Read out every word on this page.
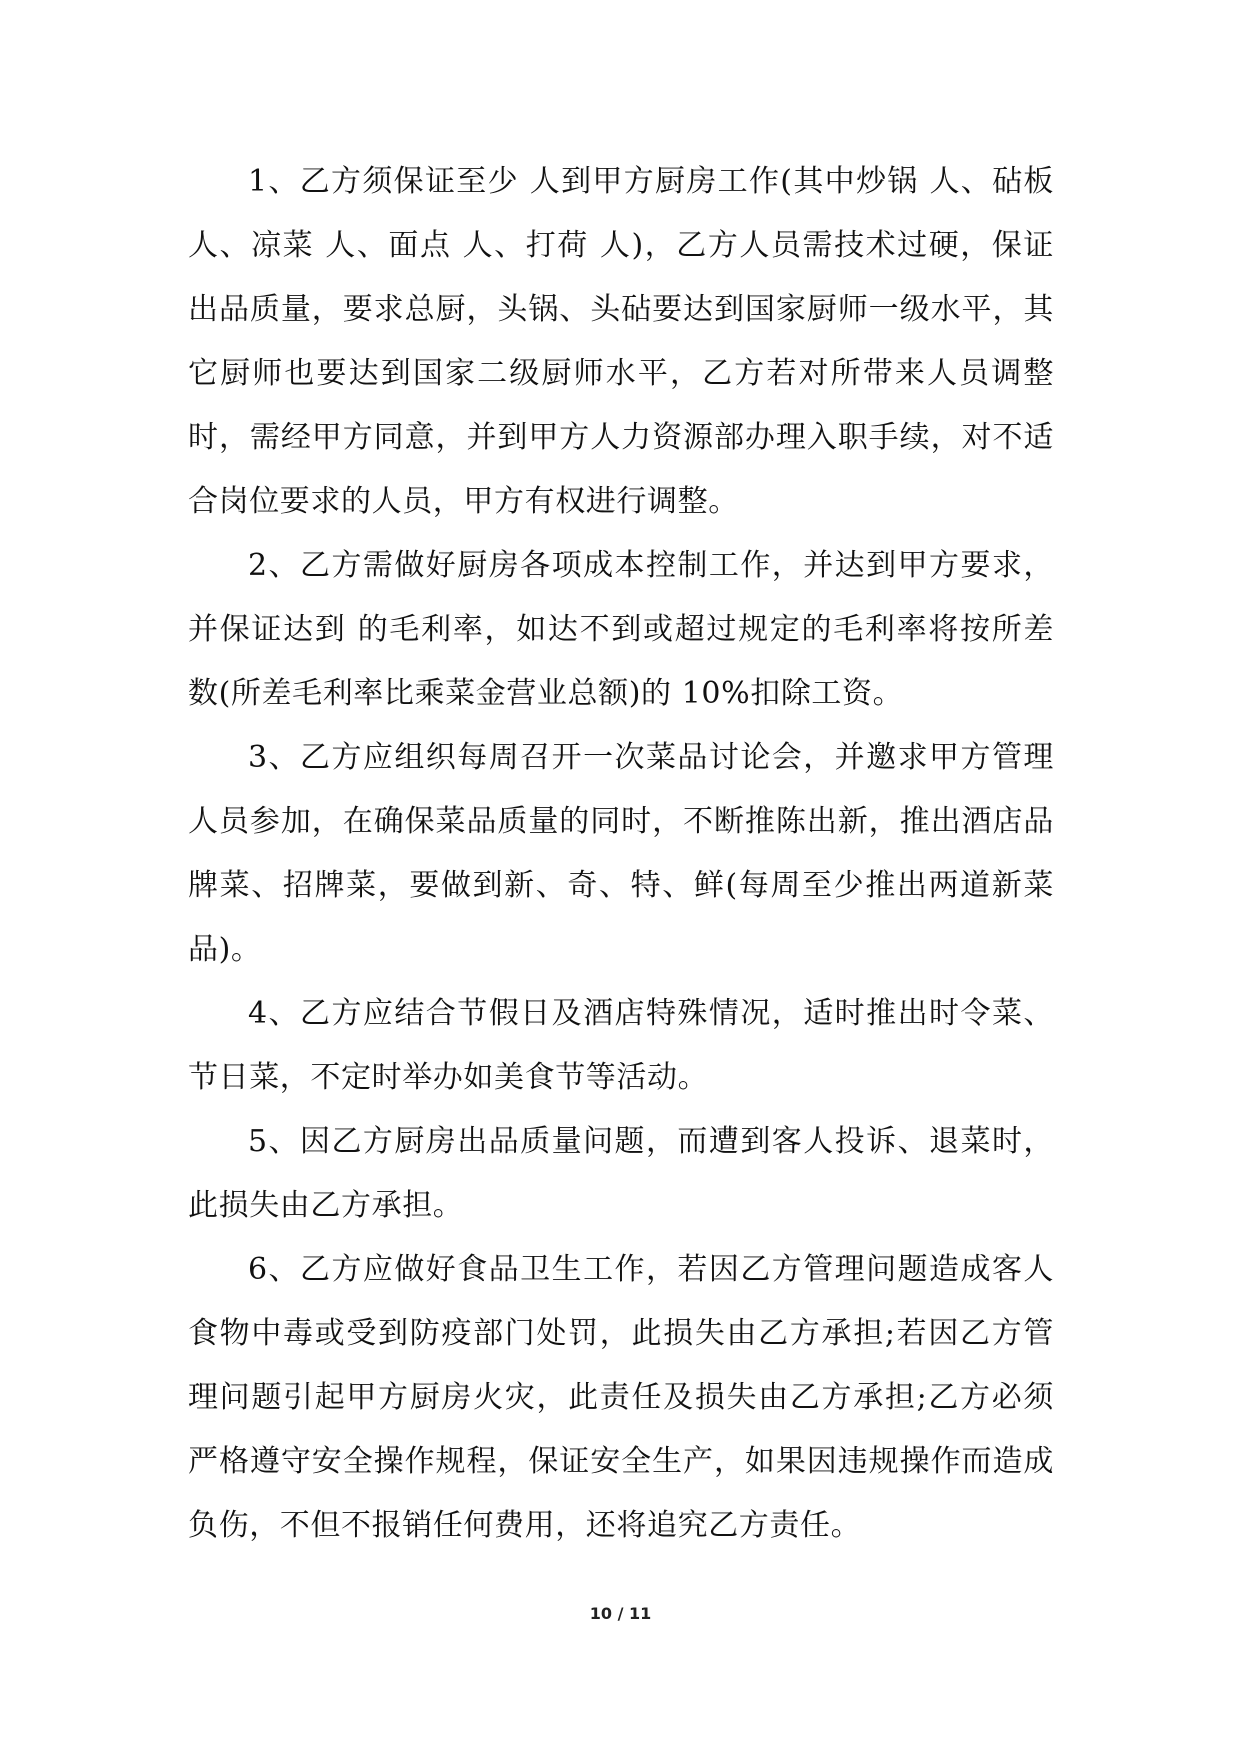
1、乙方须保证至少 人到甲方厨房工作(其中炒锅 人、砧板 人、凉菜 人、面点 人、打荷 人)，乙方人员需技术过硬，保证出品质量，要求总厨，头锅、头砧要达到国家厨师一级水平，其它厨师也要达到国家二级厨师水平，乙方若对所带来人员调整时，需经甲方同意，并到甲方人力资源部办理入职手续，对不适合岗位要求的人员，甲方有权进行调整。

2、乙方需做好厨房各项成本控制工作，并达到甲方要求，并保证达到 的毛利率，如达不到或超过规定的毛利率将按所差数(所差毛利率比乘菜金营业总额)的 10%扣除工资。

3、乙方应组织每周召开一次菜品讨论会，并邀求甲方管理人员参加，在确保菜品质量的同时，不断推陈出新，推出酒店品牌菜、招牌菜，要做到新、奇、特、鲜(每周至少推出两道新菜品)。

4、乙方应结合节假日及酒店特殊情况，适时推出时令菜、节日菜，不定时举办如美食节等活动。

5、因乙方厨房出品质量问题，而遭到客人投诉、退菜时，此损失由乙方承担。

6、乙方应做好食品卫生工作，若因乙方管理问题造成客人食物中毒或受到防疫部门处罚，此损失由乙方承担;若因乙方管理问题引起甲方厨房火灾，此责任及损失由乙方承担;乙方必须严格遵守安全操作规程，保证安全生产，如果因违规操作而造成负伤，不但不报销任何费用，还将追究乙方责任。

10 / 11
